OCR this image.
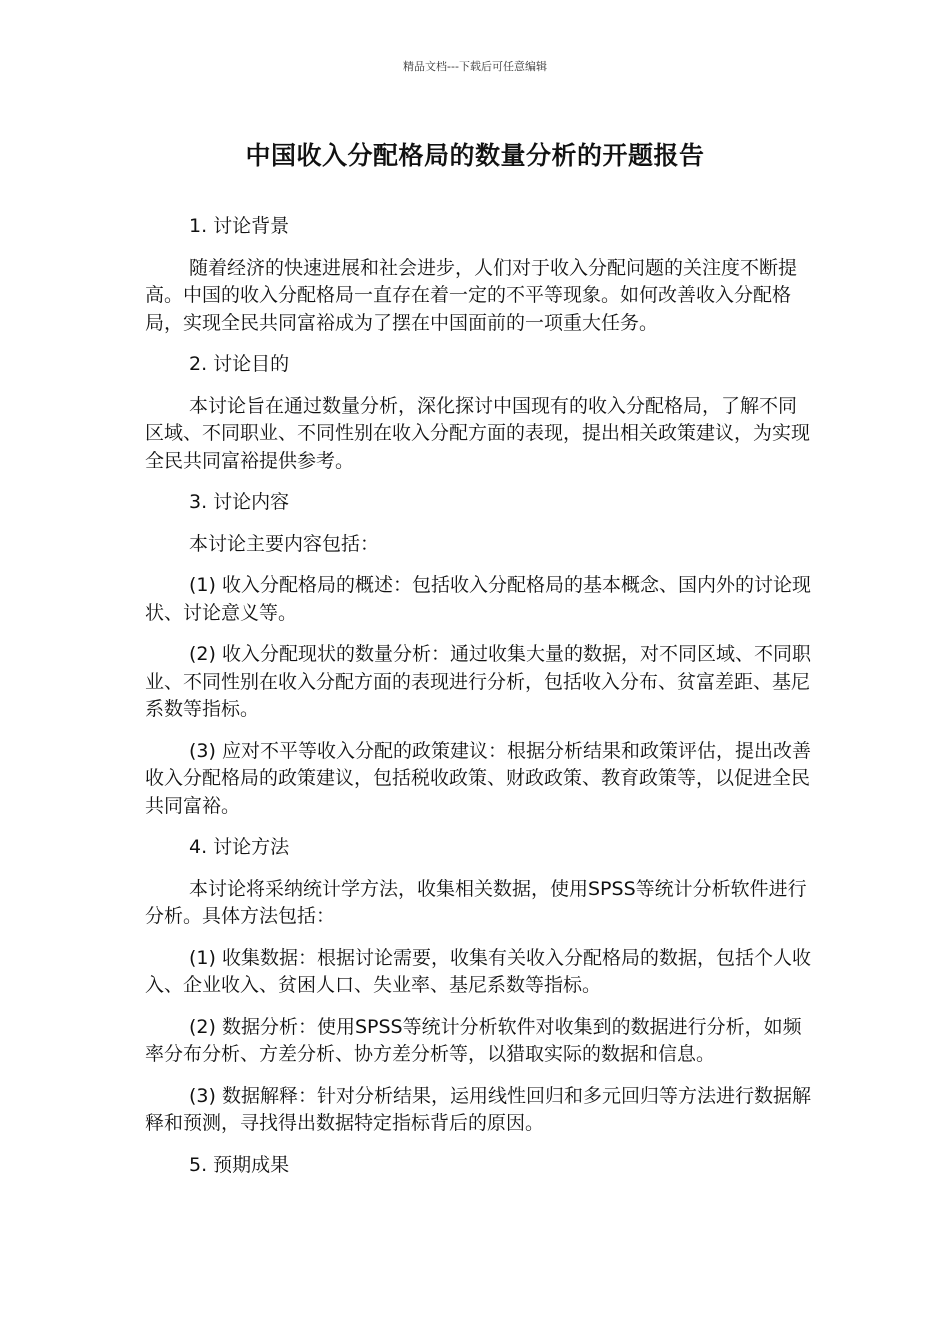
精品文档---下载后可任意编辑
中国收入分配格局的数量分析的开题报告

1. 讨论背景

随着经济的快速进展和社会进步，人们对于收入分配问题的关注度不断提高。中国的收入分配格局一直存在着一定的不平等现象。如何改善收入分配格局，实现全民共同富裕成为了摆在中国面前的一项重大任务。

2. 讨论目的

本讨论旨在通过数量分析，深化探讨中国现有的收入分配格局，了解不同区域、不同职业、不同性别在收入分配方面的表现，提出相关政策建议，为实现全民共同富裕提供参考。

3. 讨论内容

本讨论主要内容包括：

(1) 收入分配格局的概述：包括收入分配格局的基本概念、国内外的讨论现状、讨论意义等。

(2) 收入分配现状的数量分析：通过收集大量的数据，对不同区域、不同职业、不同性别在收入分配方面的表现进行分析，包括收入分布、贫富差距、基尼系数等指标。

(3) 应对不平等收入分配的政策建议：根据分析结果和政策评估，提出改善收入分配格局的政策建议，包括税收政策、财政政策、教育政策等，以促进全民共同富裕。

4. 讨论方法

本讨论将采纳统计学方法，收集相关数据，使用SPSS等统计分析软件进行分析。具体方法包括：

(1) 收集数据：根据讨论需要，收集有关收入分配格局的数据，包括个人收入、企业收入、贫困人口、失业率、基尼系数等指标。

(2) 数据分析：使用SPSS等统计分析软件对收集到的数据进行分析，如频率分布分析、方差分析、协方差分析等，以猎取实际的数据和信息。

(3) 数据解释：针对分析结果，运用线性回归和多元回归等方法进行数据解释和预测，寻找得出数据特定指标背后的原因。

5. 预期成果
